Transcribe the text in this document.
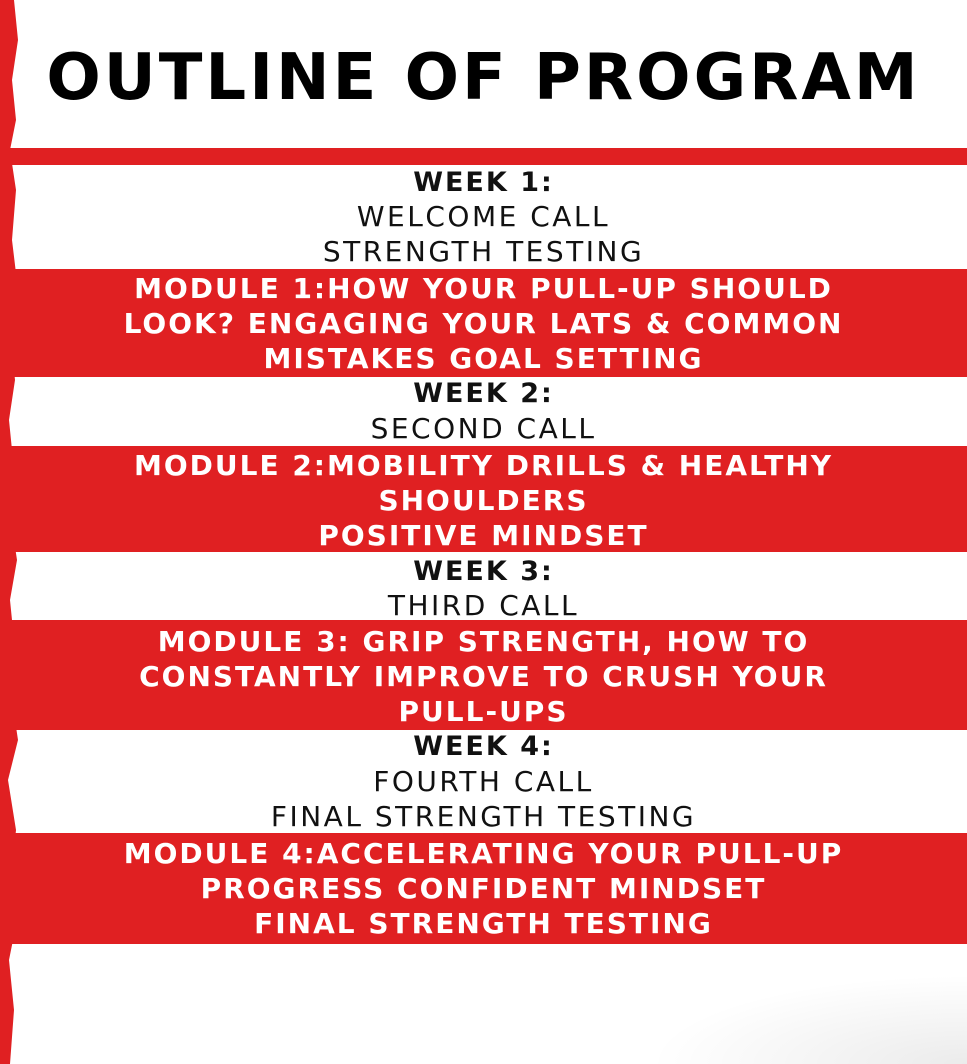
OUTLINE OF PROGRAM

WEEK 1:

WELCOME CALL

STRENGTH TESTING

MODULE 1:HOW YOUR PULL-UP SHOULD

LOOK? ENGAGING YOUR LATS & COMMON

MISTAKES GOAL SETTING

WEEK 2:

SECOND CALL

MODULE 2:MOBILITY DRILLS & HEALTHY

SHOULDERS

POSITIVE MINDSET

WEEK 3:

THIRD CALL

MODULE 3: GRIP STRENGTH, HOW TO

CONSTANTLY IMPROVE TO CRUSH YOUR

PULL-UPS

WEEK 4:

FOURTH CALL

FINAL STRENGTH TESTING

MODULE 4:ACCELERATING YOUR PULL-UP

PROGRESS CONFIDENT MINDSET

FINAL STRENGTH TESTING
